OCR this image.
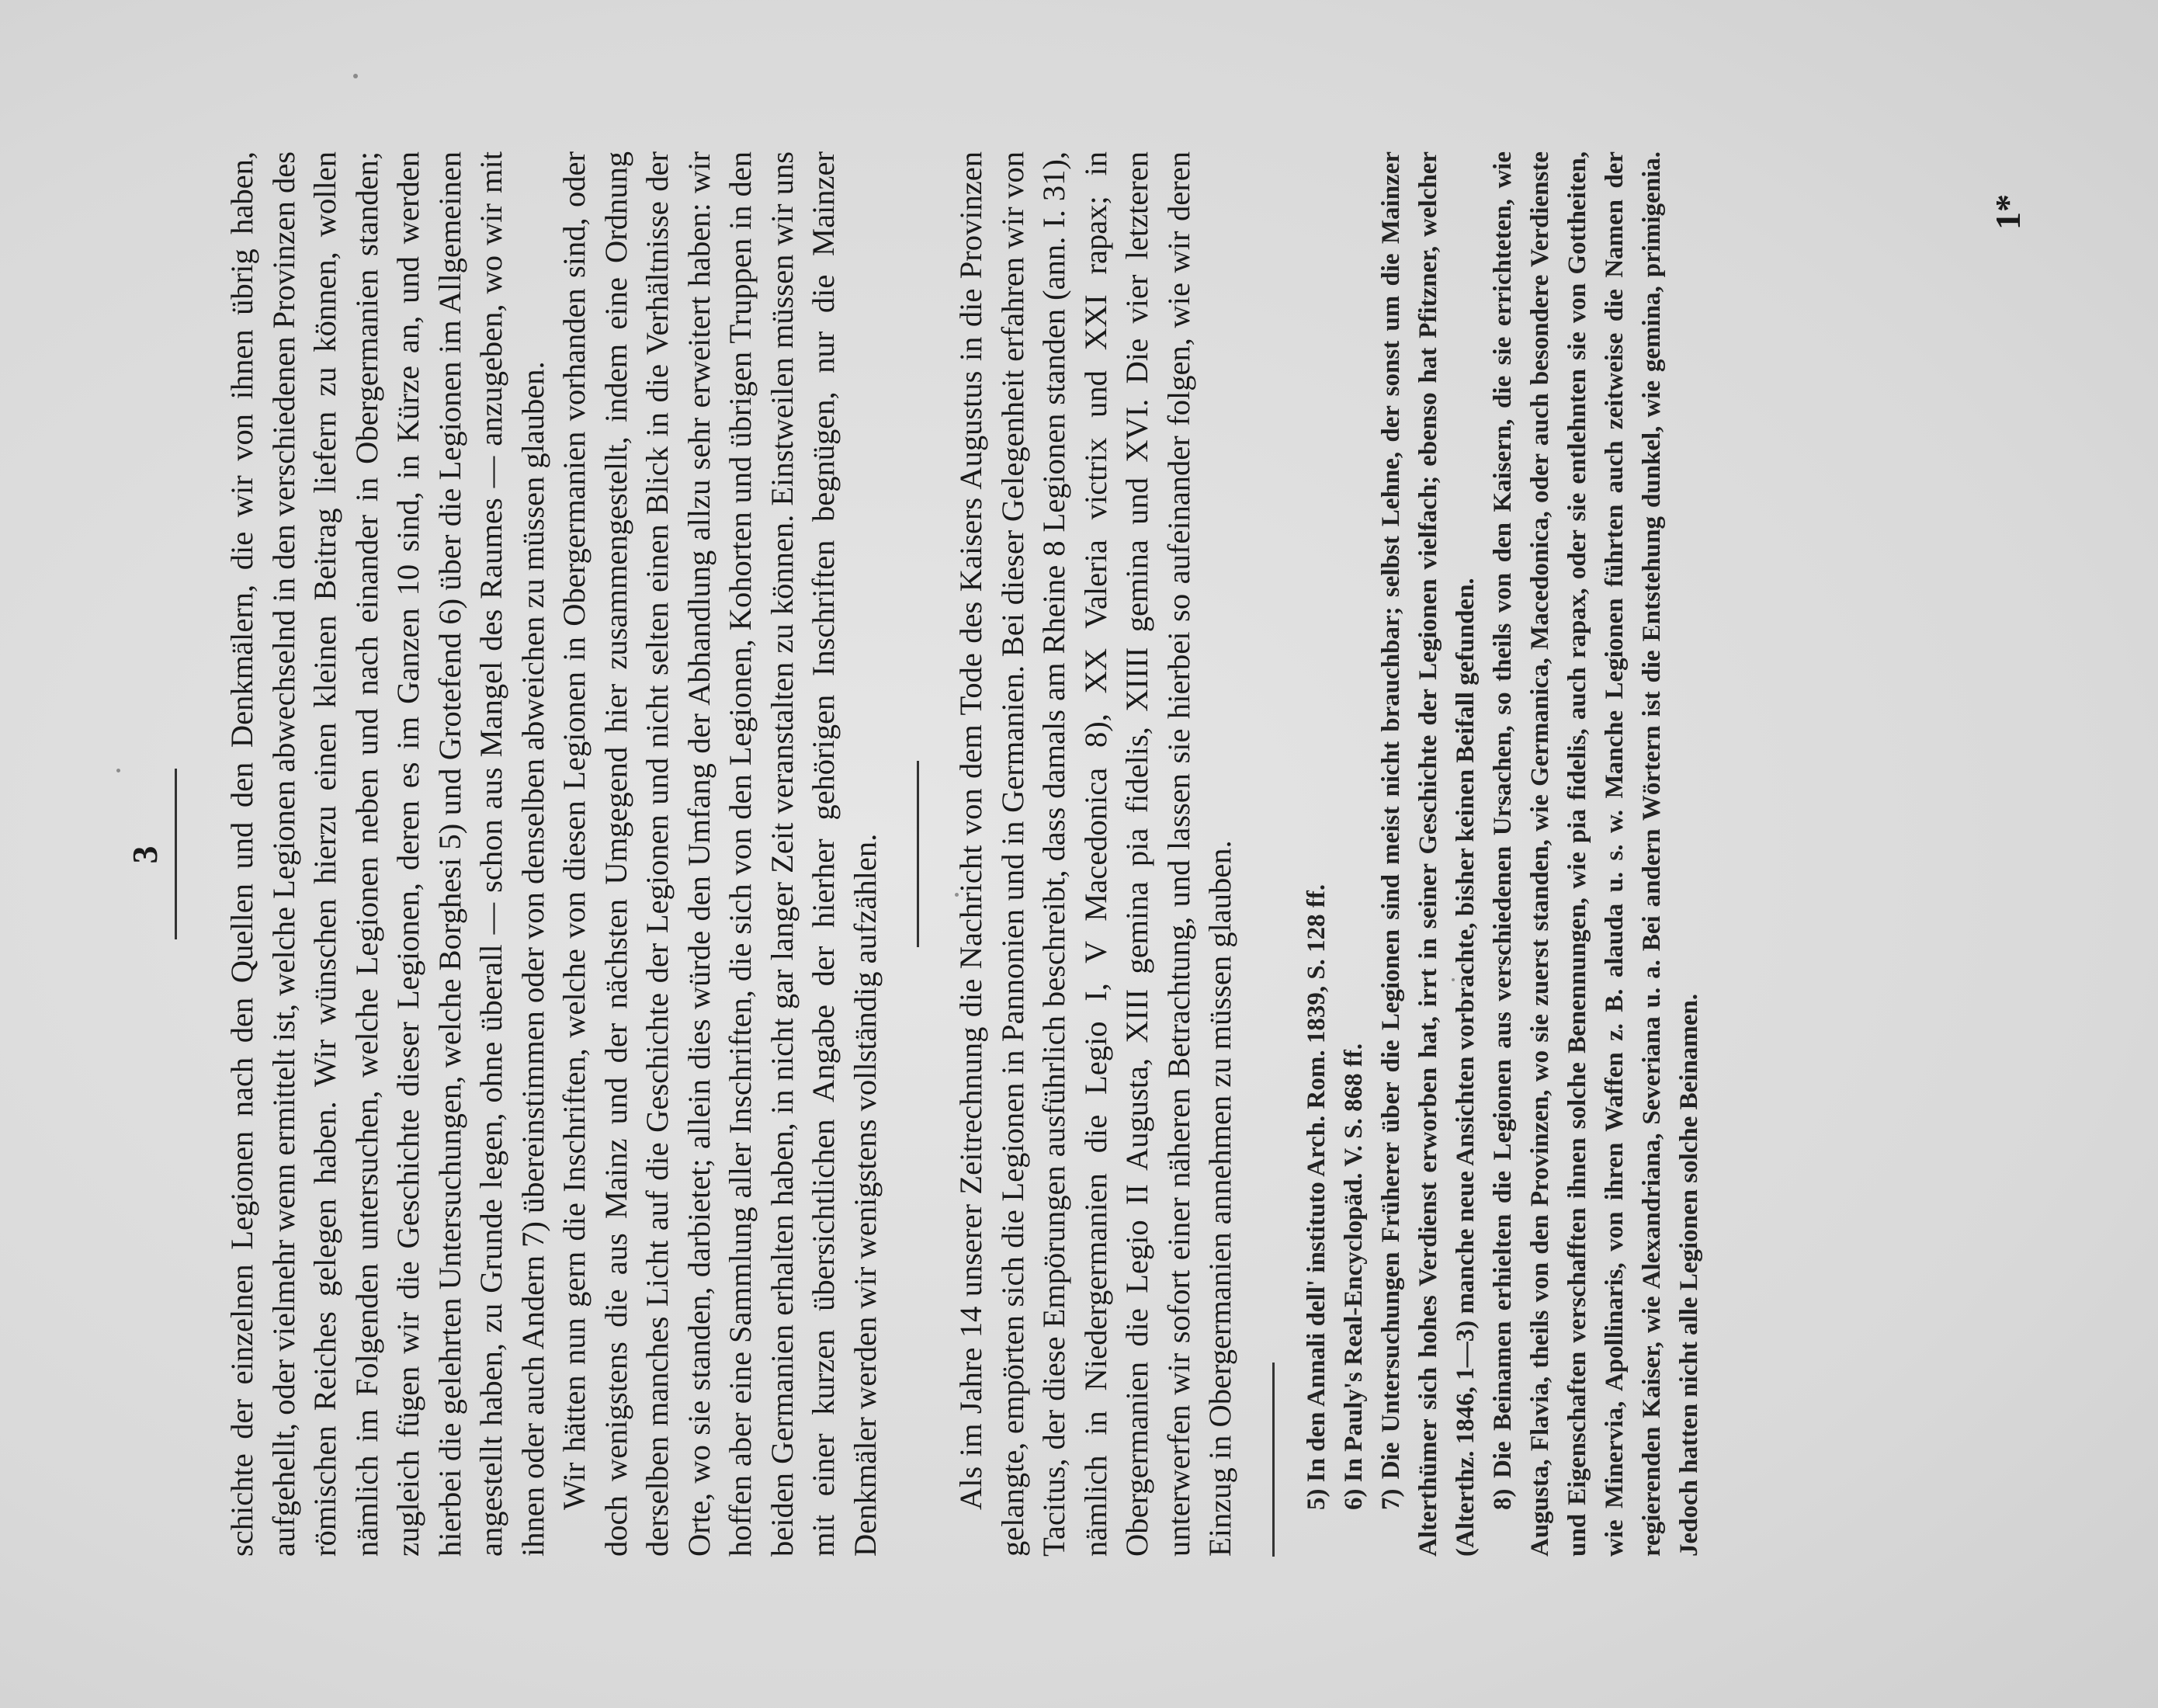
3 schichte der einzelnen Legionen nach den Quellen und den Denkmälern, die wir von ihnen übrig haben, aufgehellt, oder vielmehr wenn ermittelt ist, welche Legionen abwechselnd in den verschiedenen Provinzen des römischen Reiches gelegen haben. Wir wünschen hierzu einen kleinen Beitrag liefern zu können, wollen nämlich im Folgenden untersuchen, welche Legionen neben und nach einander in Obergermanien standen; zugleich fügen wir die Geschichte dieser Legionen, deren es im Ganzen 10 sind, in Kürze an, und werden hierbei die gelehrten Untersuchungen, welche Borghesi 5) und Grotefend 6) über die Legionen im Allgemeinen angestellt haben, zu Grunde legen, ohne überall — schon aus Mangel des Raumes — anzugeben, wo wir mit ihnen oder auch Andern 7) übereinstimmen oder von denselben abweichen zu müssen glauben. Wir hätten nun gern die Inschriften, welche von diesen Legionen in Obergermanien vorhanden sind, oder doch wenigstens die aus Mainz und der nächsten Umgegend hier zusammengestellt, indem eine Ordnung derselben manches Licht auf die Geschichte der Legionen und nicht selten einen Blick in die Verhältnisse der Orte, wo sie standen, darbietet; allein dies würde den Umfang der Abhandlung allzu sehr erweitert haben: wir hoffen aber eine Sammlung aller Inschriften, die sich von den Legionen, Kohorten und übrigen Truppen in den beiden Germanien erhalten haben, in nicht gar langer Zeit veranstalten zu können. Einstweilen müssen wir uns mit einer kurzen übersichtlichen Angabe der hierher gehörigen Inschriften begnügen, nur die Mainzer Denkmäler werden wir wenigstens vollständig aufzählen. Als im Jahre 14 unserer Zeitrechnung die Nachricht von dem Tode des Kaisers Augustus in die Provinzen gelangte, empörten sich die Legionen in Pannonien und in Germanien. Bei dieser Gelegenheit erfahren wir von Tacitus, der diese Empörungen ausführlich beschreibt, dass damals am Rheine 8 Legionen standen (ann. I. 31), nämlich in Niedergermanien die Legio I, V Macedonica 8), XX Valeria victrix und XXI rapax; in Obergermanien die Legio II Augusta, XIII gemina pia fidelis, XIIII gemina und XVI. Die vier letzteren unterwerfen wir sofort einer näheren Betrachtung, und lassen sie hierbei so aufeinander folgen, wie wir deren Einzug in Obergermanien annehmen zu müssen glauben.	5) In den Annali dell' instituto Arch. Rom. 1839, S. 128 ff. 6) In Pauly's Real-Encyclopäd. V. S. 868 ff. 7) Die Untersuchungen Früherer über die Legionen sind meist nicht brauchbar; selbst Lehne, der sonst um die Mainzer Alterthümer sich hohes Verdienst erworben hat, irrt in seiner Geschichte der Legionen vielfach; ebenso hat Pfitzner, welcher (Alterthz. 1846, 1—3) manche neue Ansichten vorbrachte, bisher keinen Beifall gefunden. 8) Die Beinamen erhielten die Legionen aus verschiedenen Ursachen, so theils von den Kaisern, die sie errichteten, wie Augusta, Flavia, theils von den Provinzen, wo sie zuerst standen, wie Germanica, Macedonica, oder auch besondere Verdienste und Eigenschaften verschafften ihnen solche Benennungen, wie pia fidelis, auch rapax, oder sie entlehnten sie von Gottheiten, wie Minervia, Apollinaris, von ihren Waffen z. B. alauda u. s. w. Manche Legionen führten auch zeitweise die Namen der regierenden Kaiser, wie Alexandriana, Severiana u. a. Bei andern Wörtern ist die Entstehung dunkel, wie gemina, primigenia. Jedoch hatten nicht alle Legionen solche Beinamen.

1*
